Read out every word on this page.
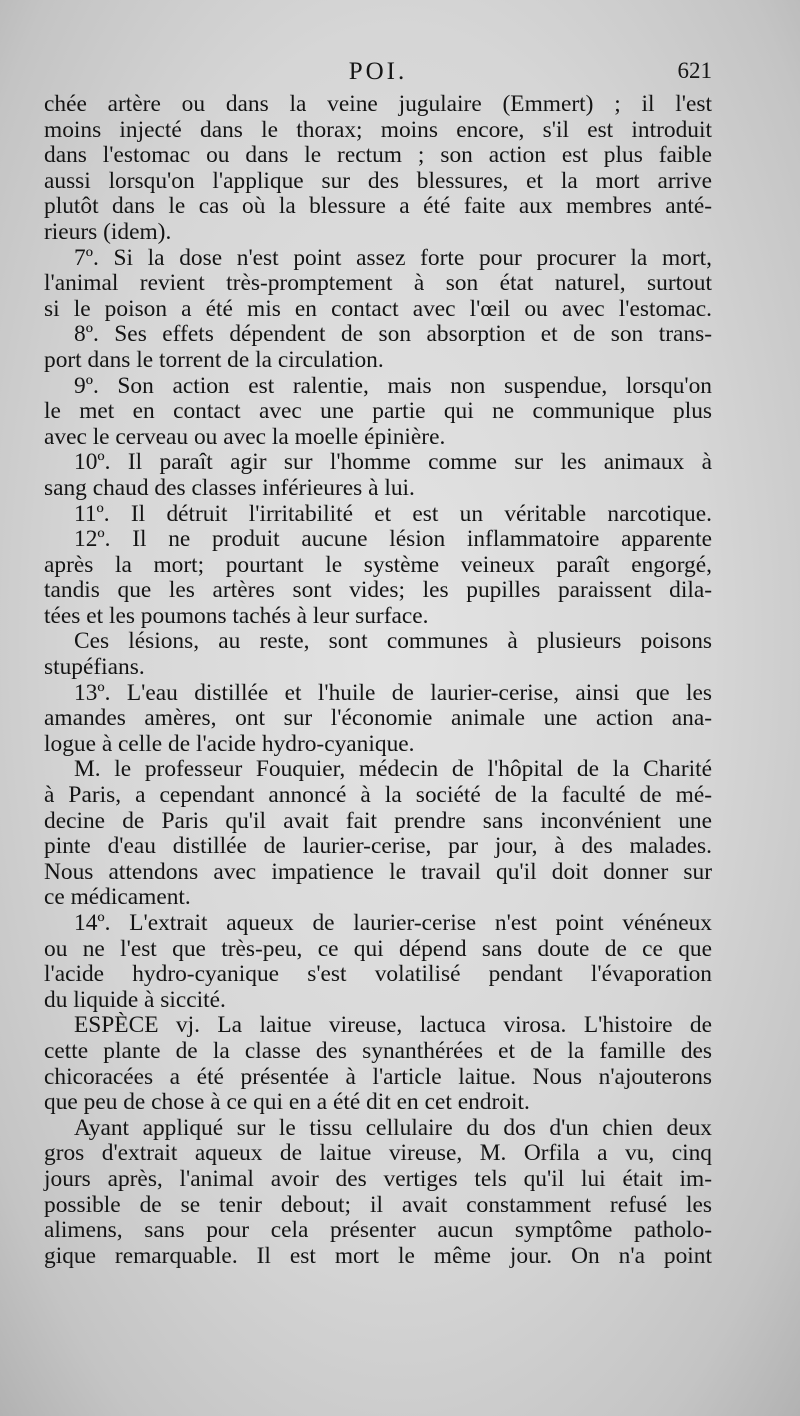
POI.	621
chée artère ou dans la veine jugulaire (Emmert) ; il l'est
moins injecté dans le thorax; moins encore, s'il est introduit
dans l'estomac ou dans le rectum ; son action est plus faible
aussi lorsqu'on l'applique sur des blessures, et la mort arrive
plutôt dans le cas où la blessure a été faite aux membres anté-
rieurs (idem).
7º. Si la dose n'est point assez forte pour procurer la mort,
l'animal revient très-promptement à son état naturel, surtout
si le poison a été mis en contact avec l'œil ou avec l'estomac.
8º. Ses effets dépendent de son absorption et de son trans-
port dans le torrent de la circulation.
9º. Son action est ralentie, mais non suspendue, lorsqu'on
le met en contact avec une partie qui ne communique plus
avec le cerveau ou avec la moelle épinière.
10º. Il paraît agir sur l'homme comme sur les animaux à
sang chaud des classes inférieures à lui.
11º. Il détruit l'irritabilité et est un véritable narcotique.
12º. Il ne produit aucune lésion inflammatoire apparente
après la mort; pourtant le système veineux paraît engorgé,
tandis que les artères sont vides; les pupilles paraissent dila-
tées et les poumons tachés à leur surface.
Ces lésions, au reste, sont communes à plusieurs poisons
stupéfians.
13º. L'eau distillée et l'huile de laurier-cerise, ainsi que les
amandes amères, ont sur l'économie animale une action ana-
logue à celle de l'acide hydro-cyanique.
M. le professeur Fouquier, médecin de l'hôpital de la Charité
à Paris, a cependant annoncé à la société de la faculté de mé-
decine de Paris qu'il avait fait prendre sans inconvénient une
pinte d'eau distillée de laurier-cerise, par jour, à des malades.
Nous attendons avec impatience le travail qu'il doit donner sur
ce médicament.
14º. L'extrait aqueux de laurier-cerise n'est point vénéneux
ou ne l'est que très-peu, ce qui dépend sans doute de ce que
l'acide hydro-cyanique s'est volatilisé pendant l'évaporation
du liquide à siccité.
ESPÈCE vj. La laitue vireuse, lactuca virosa. L'histoire de
cette plante de la classe des synanthérées et de la famille des
chicoracées a été présentée à l'article laitue. Nous n'ajouterons
que peu de chose à ce qui en a été dit en cet endroit.
Ayant appliqué sur le tissu cellulaire du dos d'un chien deux
gros d'extrait aqueux de laitue vireuse, M. Orfila a vu, cinq
jours après, l'animal avoir des vertiges tels qu'il lui était im-
possible de se tenir debout; il avait constamment refusé les
alimens, sans pour cela présenter aucun symptôme patholo-
gique remarquable. Il est mort le même jour. On n'a point
